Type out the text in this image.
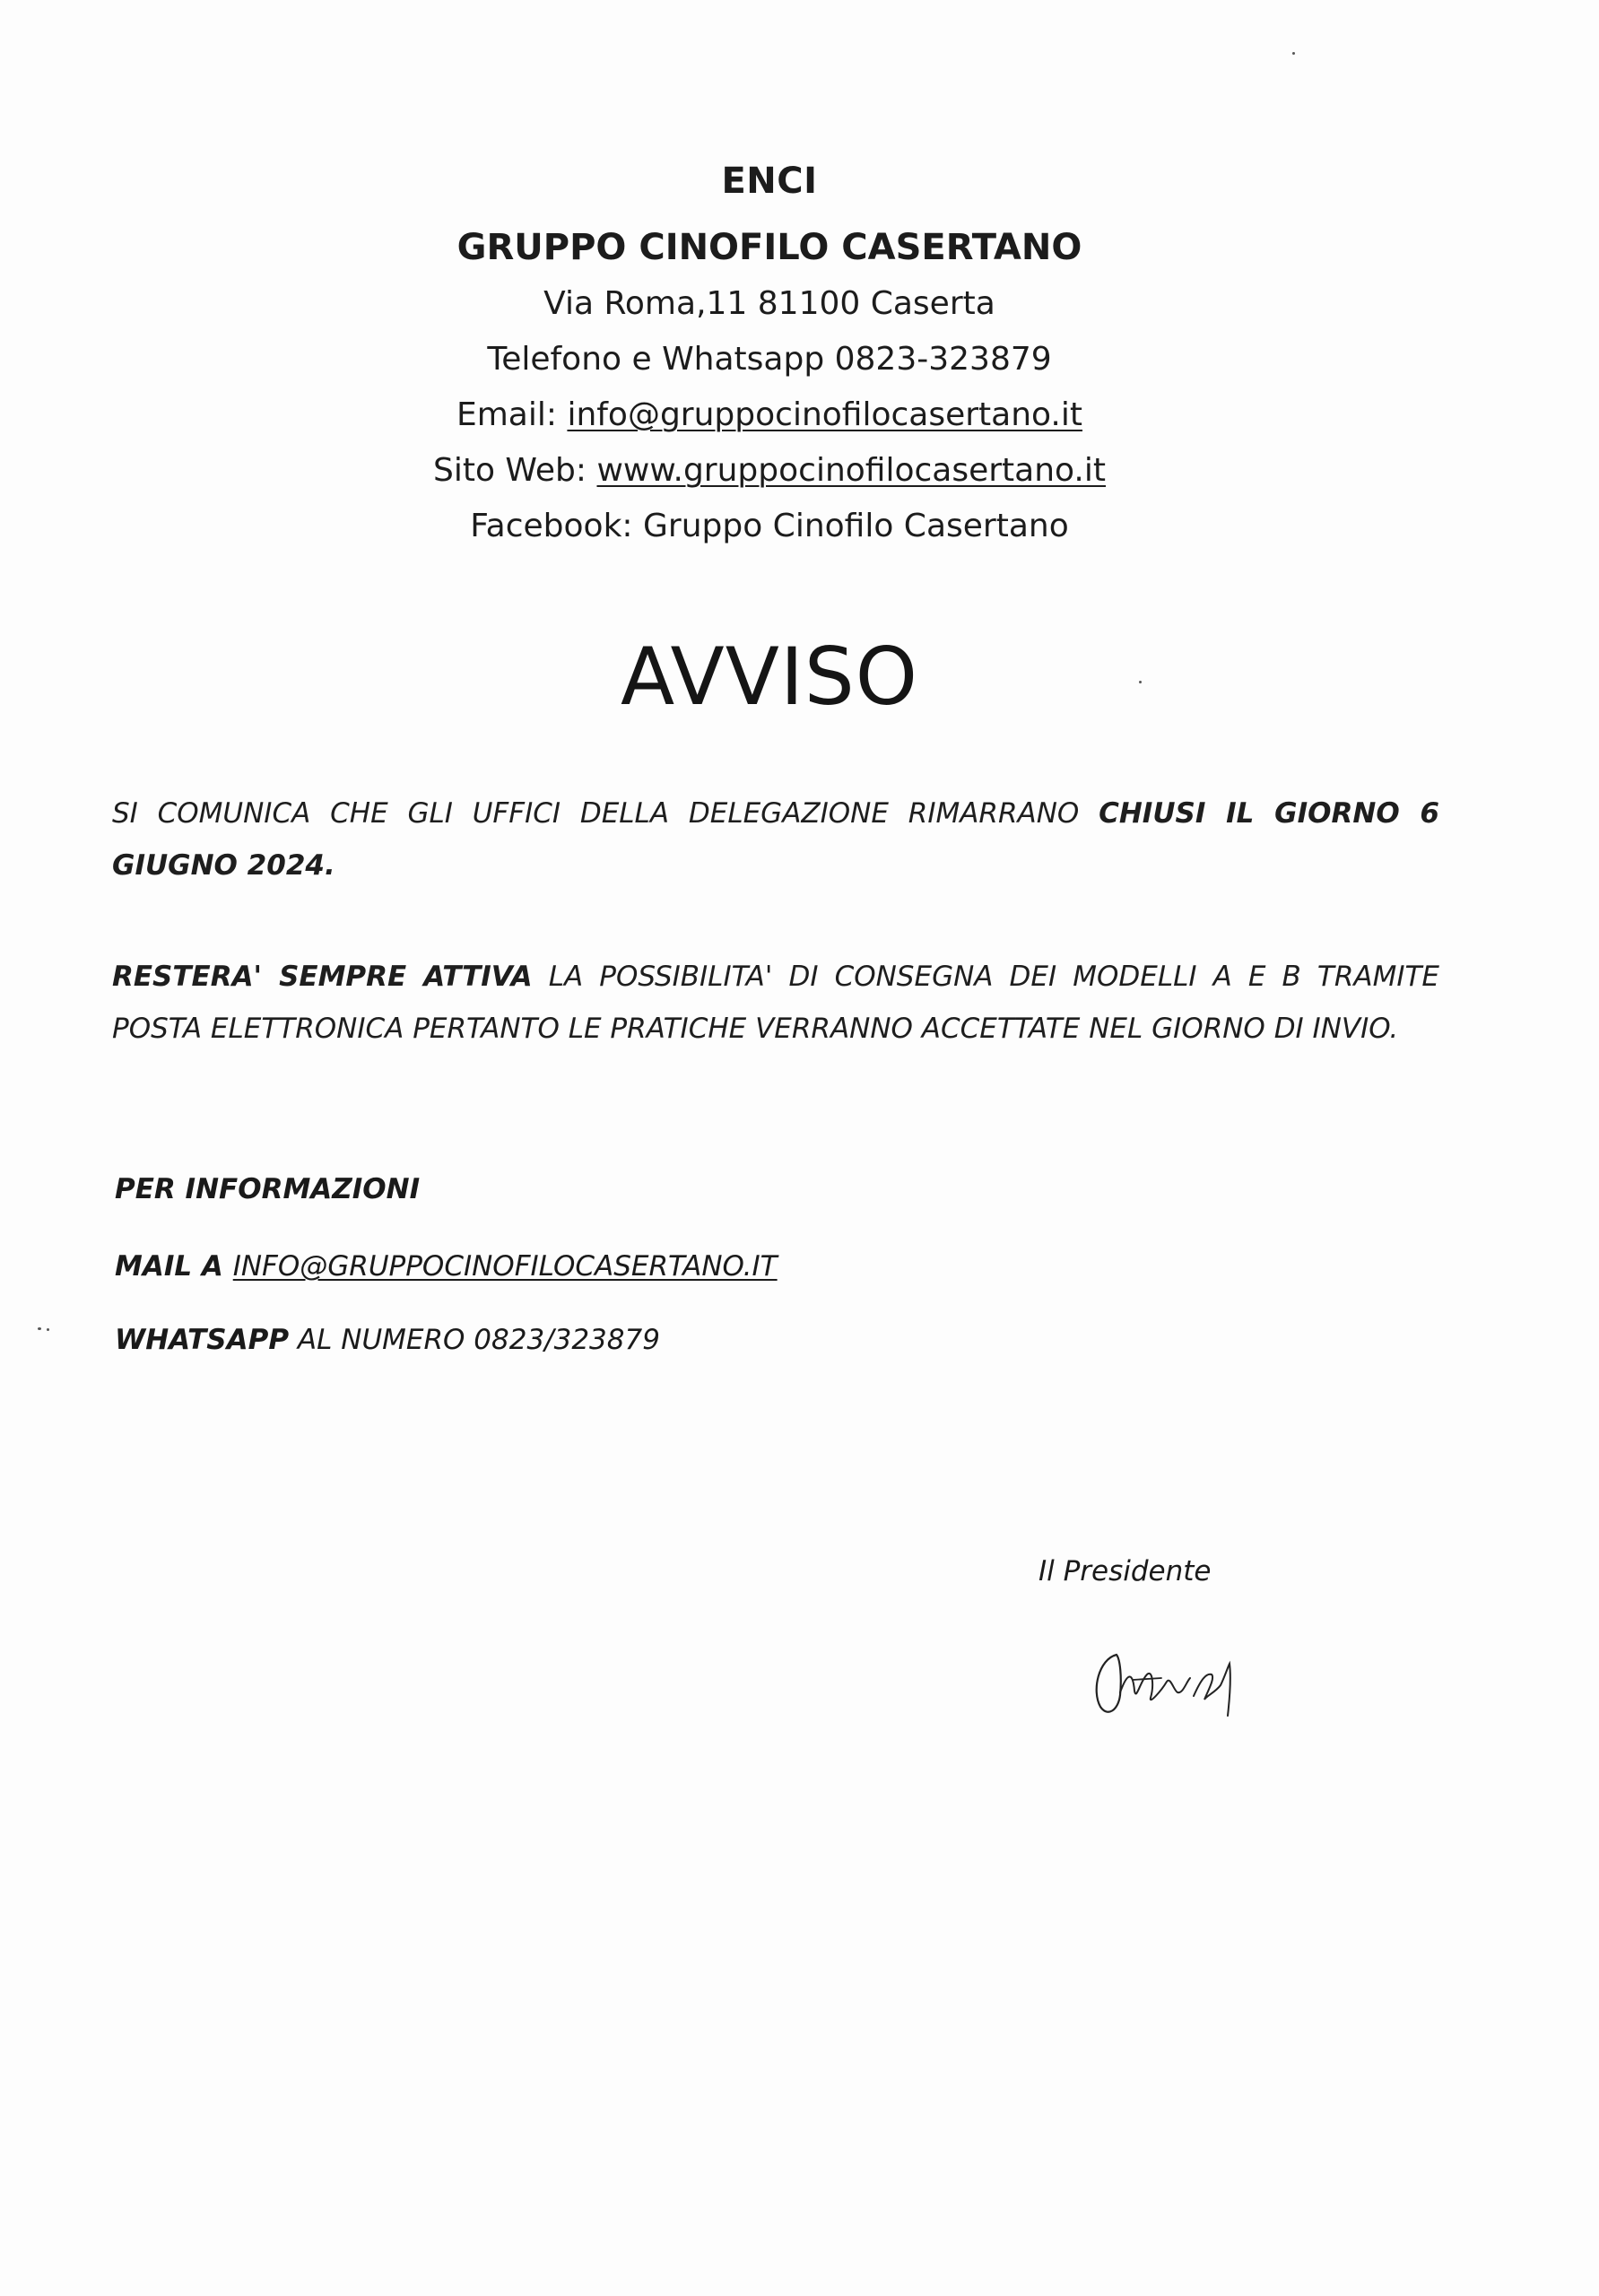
ENCI
GRUPPO CINOFILO CASERTANO
Via Roma,11 81100 Caserta
Telefono e Whatsapp 0823-323879
Email: info@gruppocinofilocasertano.it
Sito Web: www.gruppocinofilocasertano.it
Facebook: Gruppo Cinofilo Casertano
AVVISO
SI COMUNICA CHE GLI UFFICI DELLA DELEGAZIONE RIMARRANO CHIUSI IL GIORNO 6 GIUGNO 2024.
RESTERA' SEMPRE ATTIVA LA POSSIBILITA' DI CONSEGNA DEI MODELLI A E B TRAMITE POSTA ELETTRONICA PERTANTO LE PRATICHE VERRANNO ACCETTATE NEL GIORNO DI INVIO.
PER INFORMAZIONI
MAIL A INFO@GRUPPOCINOFILOCASERTANO.IT
WHATSAPP AL NUMERO 0823/323879
Il Presidente
